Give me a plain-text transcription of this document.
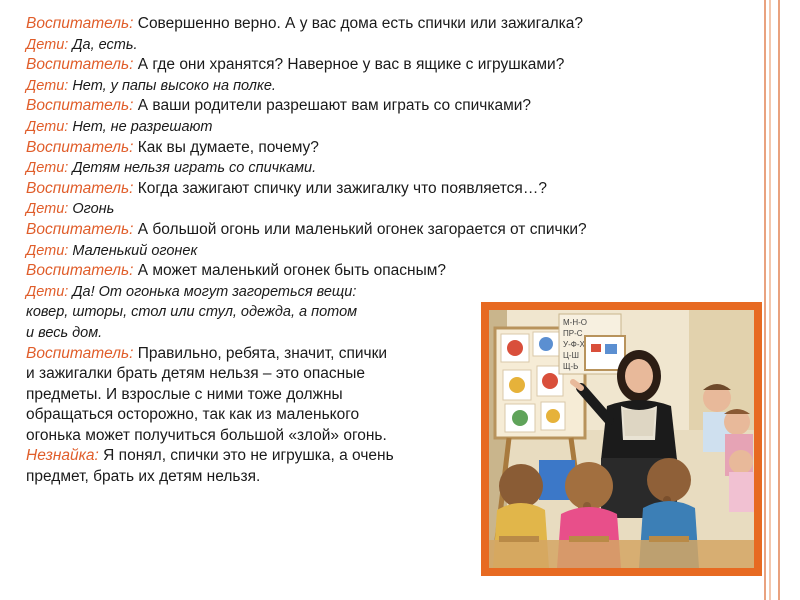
Воспитатель: Совершенно верно. А у вас дома есть спички или зажигалка?
Дети: Да, есть.
Воспитатель: А где они хранятся? Наверное у вас в ящике с игрушками?
Дети: Нет, у папы высоко на полке.
Воспитатель: А ваши родители разрешают вам играть со спичками?
Дети: Нет, не разрешают
Воспитатель: Как вы думаете, почему?
Дети: Детям нельзя играть со спичками.
Воспитатель: Когда зажигают спичку или зажигалку что появляется…?
Дети: Огонь
Воспитатель: А большой огонь или маленький огонек загорается от спички?
Дети: Маленький огонек
Воспитатель: А может маленький огонек быть опасным?
Дети: Да! От огонька могут загореться вещи:
ковер, шторы, стол или стул, одежда, а потом
и весь дом.
Воспитатель: Правильно, ребята, значит, спички
и зажигалки брать детям нельзя – это опасные
предметы. И взрослые с ними тоже должны
обращаться осторожно, так как из маленького
огонька может получиться большой «злой» огонь.
Незнайка: Я понял, спички это не игрушка, а очень
предмет, брать их детям нельзя.
М-Н-О
ПР-С
У-Ф-Х
Ц-Ш
Щ-Ь
